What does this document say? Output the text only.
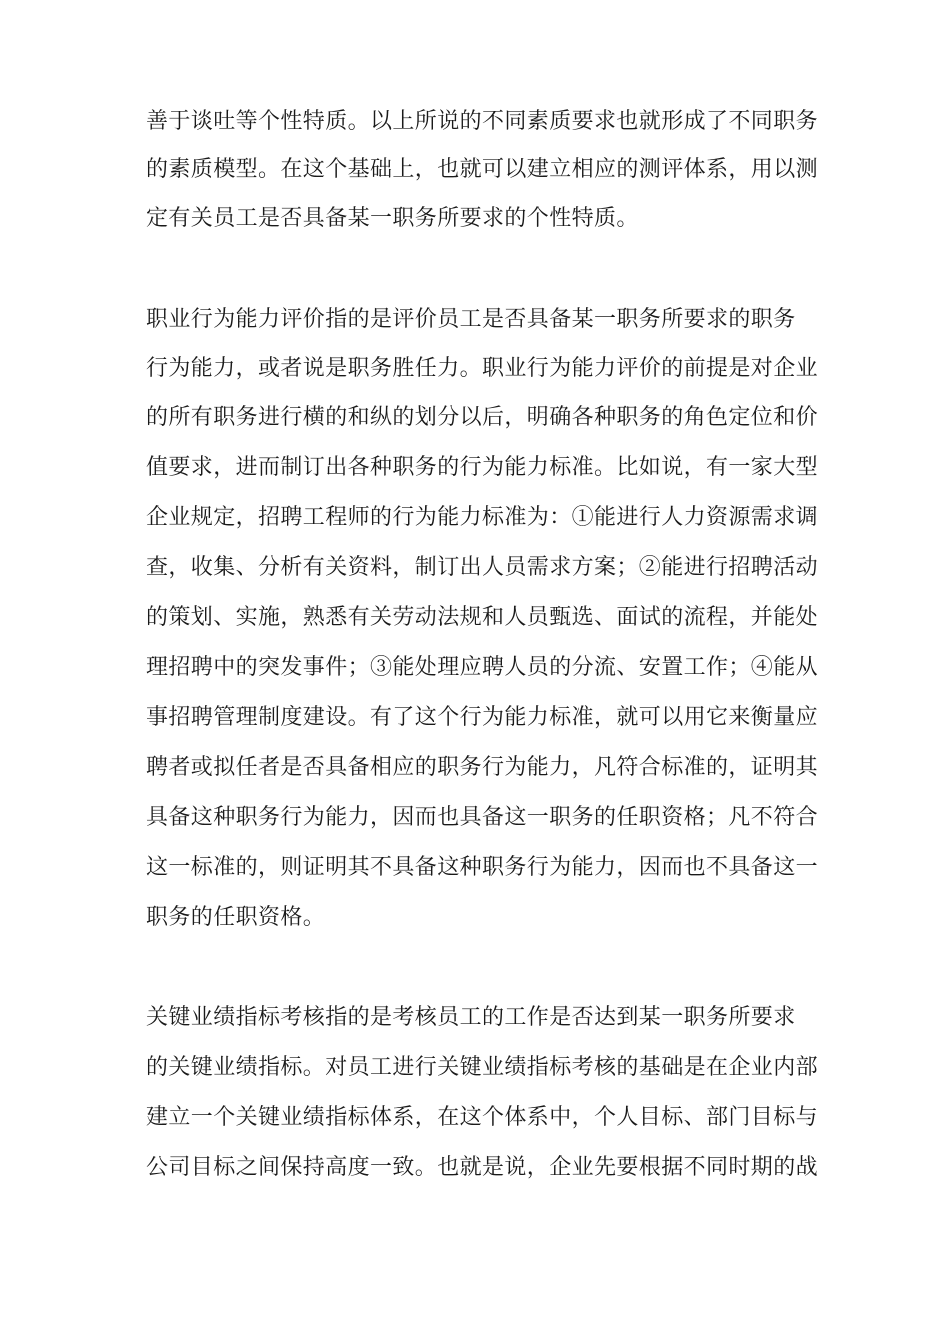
善于谈吐等个性特质。以上所说的不同素质要求也就形成了不同职务
的素质模型。在这个基础上，也就可以建立相应的测评体系，用以测
定有关员工是否具备某一职务所要求的个性特质。
职业行为能力评价指的是评价员工是否具备某一职务所要求的职务
行为能力，或者说是职务胜任力。职业行为能力评价的前提是对企业
的所有职务进行横的和纵的划分以后，明确各种职务的角色定位和价
值要求，进而制订出各种职务的行为能力标准。比如说，有一家大型
企业规定，招聘工程师的行为能力标准为：①能进行人力资源需求调
查，收集、分析有关资料，制订出人员需求方案；②能进行招聘活动
的策划、实施，熟悉有关劳动法规和人员甄选、面试的流程，并能处
理招聘中的突发事件；③能处理应聘人员的分流、安置工作；④能从
事招聘管理制度建设。有了这个行为能力标准，就可以用它来衡量应
聘者或拟任者是否具备相应的职务行为能力，凡符合标准的，证明其
具备这种职务行为能力，因而也具备这一职务的任职资格；凡不符合
这一标准的，则证明其不具备这种职务行为能力，因而也不具备这一
职务的任职资格。
关键业绩指标考核指的是考核员工的工作是否达到某一职务所要求
的关键业绩指标。对员工进行关键业绩指标考核的基础是在企业内部
建立一个关键业绩指标体系，在这个体系中，个人目标、部门目标与
公司目标之间保持高度一致。也就是说，企业先要根据不同时期的战
